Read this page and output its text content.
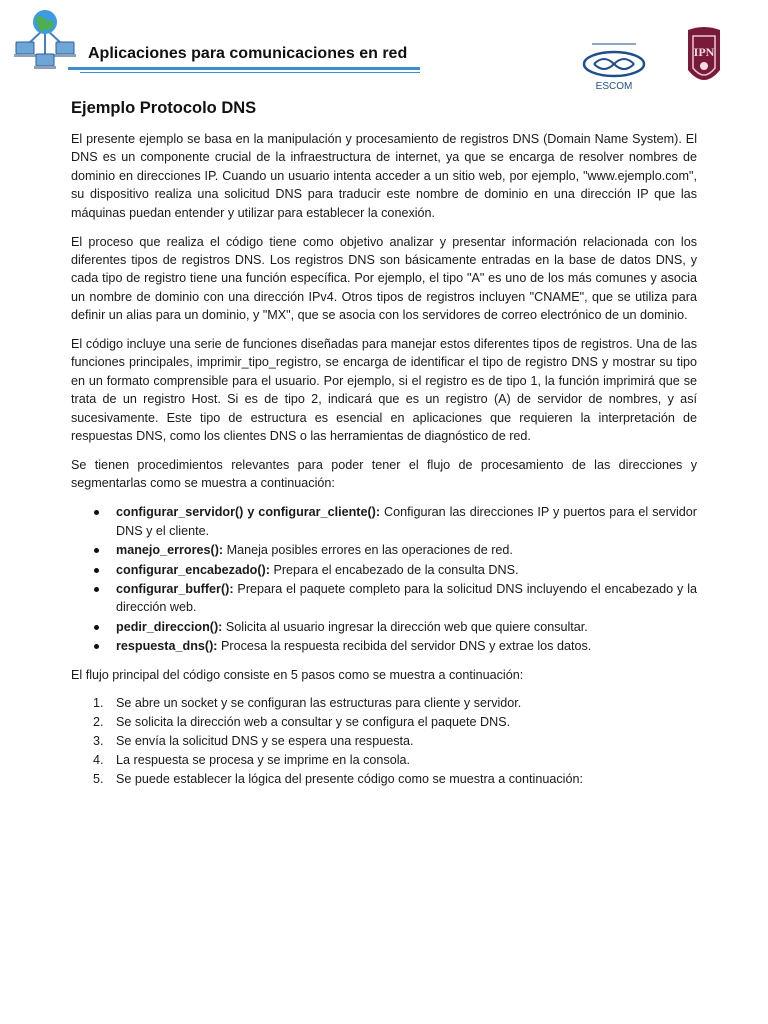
Aplicaciones para comunicaciones en red
ESCOM
IPN
Ejemplo Protocolo DNS

El presente ejemplo se basa en la manipulación y procesamiento de registros DNS (Domain Name System). El DNS es un componente crucial de la infraestructura de internet, ya que se encarga de resolver nombres de dominio en direcciones IP. Cuando un usuario intenta acceder a un sitio web, por ejemplo, "www.ejemplo.com", su dispositivo realiza una solicitud DNS para traducir este nombre de dominio en una dirección IP que las máquinas puedan entender y utilizar para establecer la conexión.

El proceso que realiza el código tiene como objetivo analizar y presentar información relacionada con los diferentes tipos de registros DNS. Los registros DNS son básicamente entradas en la base de datos DNS, y cada tipo de registro tiene una función específica. Por ejemplo, el tipo "A" es uno de los más comunes y asocia un nombre de dominio con una dirección IPv4. Otros tipos de registros incluyen "CNAME", que se utiliza para definir un alias para un dominio, y "MX", que se asocia con los servidores de correo electrónico de un dominio.

El código incluye una serie de funciones diseñadas para manejar estos diferentes tipos de registros. Una de las funciones principales, imprimir_tipo_registro, se encarga de identificar el tipo de registro DNS y mostrar su tipo en un formato comprensible para el usuario. Por ejemplo, si el registro es de tipo 1, la función imprimirá que se trata de un registro Host. Si es de tipo 2, indicará que es un registro (A) de servidor de nombres, y así sucesivamente. Este tipo de estructura es esencial en aplicaciones que requieren la interpretación de respuestas DNS, como los clientes DNS o las herramientas de diagnóstico de red.

Se tienen procedimientos relevantes para poder tener el flujo de procesamiento de las direcciones y segmentarlas como se muestra a continuación:

configurar_servidor() y configurar_cliente(): Configuran las direcciones IP y puertos para el servidor DNS y el cliente.
manejo_errores(): Maneja posibles errores en las operaciones de red.
configurar_encabezado(): Prepara el encabezado de la consulta DNS.
configurar_buffer(): Prepara el paquete completo para la solicitud DNS incluyendo el encabezado y la dirección web.
pedir_direccion(): Solicita al usuario ingresar la dirección web que quiere consultar.
respuesta_dns(): Procesa la respuesta recibida del servidor DNS y extrae los datos.

El flujo principal del código consiste en 5 pasos como se muestra a continuación:

1. Se abre un socket y se configuran las estructuras para cliente y servidor.
2. Se solicita la dirección web a consultar y se configura el paquete DNS.
3. Se envía la solicitud DNS y se espera una respuesta.
4. La respuesta se procesa y se imprime en la consola.
5. Se puede establecer la lógica del presente código como se muestra a continuación:
